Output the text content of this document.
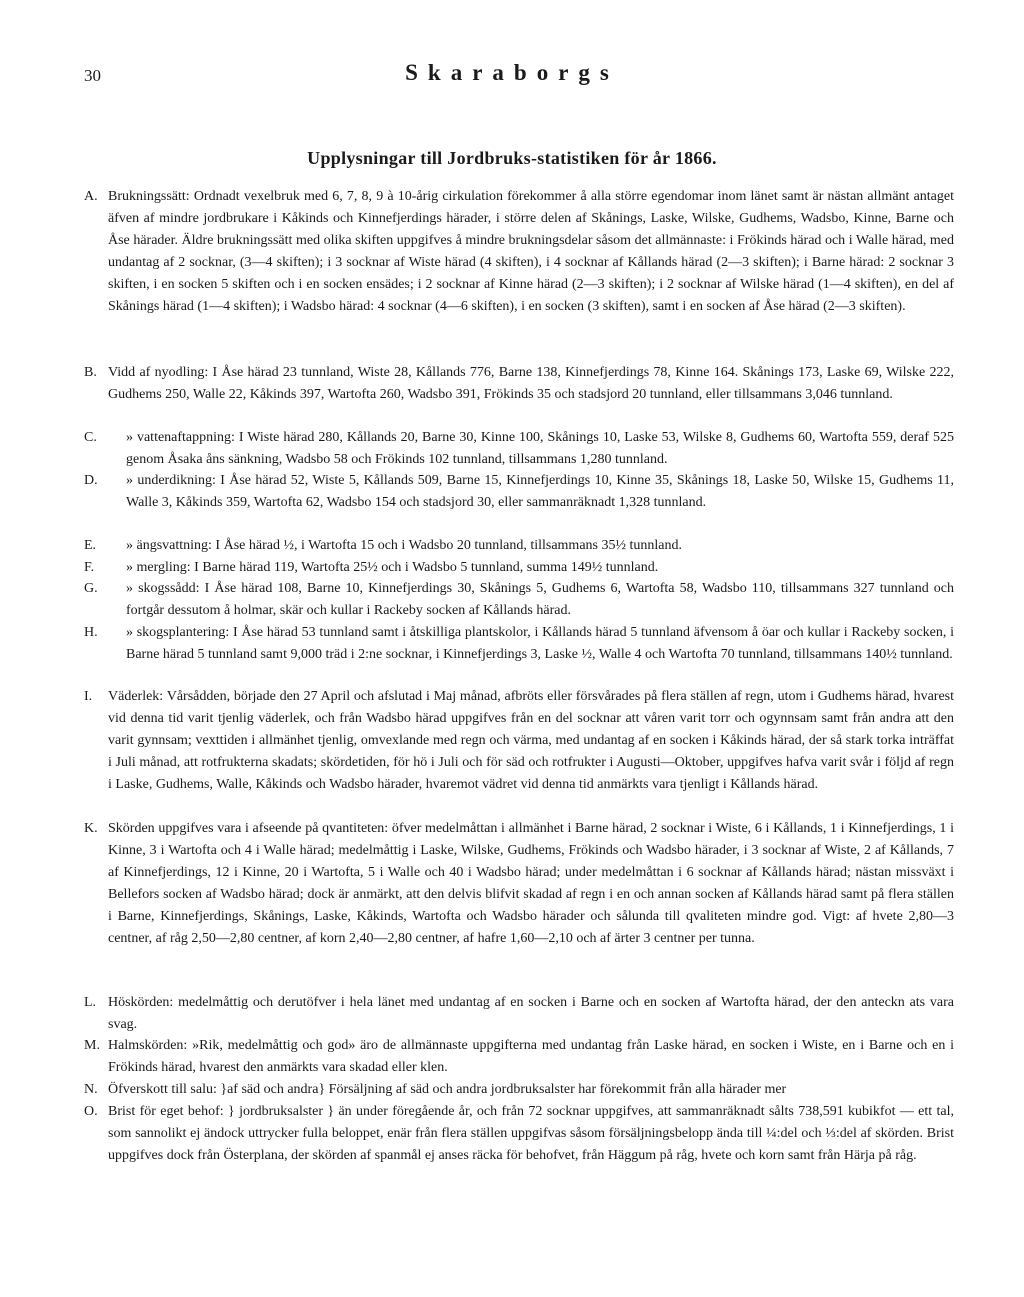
30	Skaraborgs
Upplysningar till Jordbruks-statistiken för år 1866.
A. Brukningssätt: Ordnadt vexelbruk med 6, 7, 8, 9 à 10-årig cirkulation förekommer å alla större egendomar inom länet samt är nästan allmänt antaget äfven af mindre jordbrukare i Kåkinds och Kinnefjerdings härader, i större delen af Skånings, Laske, Wilske, Gudhems, Wadsbo, Kinne, Barne och Åse härader. Äldre brukningssätt med olika skiften uppgifves å mindre brukningsdelar såsom det allmännaste: i Frökinds härad och i Walle härad, med undantag af 2 socknar, (3—4 skiften); i 3 socknar af Wiste härad (4 skiften), i 4 socknar af Kållands härad (2—3 skiften); i Barne härad: 2 socknar 3 skiften, i en socken 5 skiften och i en socken ensädes; i 2 socknar af Kinne härad (2—3 skiften); i 2 socknar af Wilske härad (1—4 skiften), en del af Skånings härad (1—4 skiften); i Wadsbo härad: 4 socknar (4—6 skiften), i en socken (3 skiften), samt i en socken af Åse härad (2—3 skiften).
B. Vidd af nyodling: I Åse härad 23 tunnland, Wiste 28, Kållands 776, Barne 138, Kinnefjerdings 78, Kinne 164. Skånings 173, Laske 69, Wilske 222, Gudhems 250, Walle 22, Kåkinds 397, Wartofta 260, Wadsbo 391, Frökinds 35 och stadsjord 20 tunnland, eller tillsammans 3,046 tunnland.
C. » vattenaftappning: I Wiste härad 280, Kållands 20, Barne 30, Kinne 100, Skånings 10, Laske 53, Wilske 8, Gudhems 60, Wartofta 559, deraf 525 genom Åsaka åns sänkning, Wadsbo 58 och Frökinds 102 tunnland, tillsammans 1,280 tunnland.
D. » underdikning: I Åse härad 52, Wiste 5, Kållands 509, Barne 15, Kinnefjerdings 10, Kinne 35, Skånings 18, Laske 50, Wilske 15, Gudhems 11, Walle 3, Kåkinds 359, Wartofta 62, Wadsbo 154 och stadsjord 30, eller sammanräknadt 1,328 tunnland.
E. » ängsvattning: I Åse härad ½, i Wartofta 15 och i Wadsbo 20 tunnland, tillsammans 35½ tunnland.
F. » mergling: I Barne härad 119, Wartofta 25½ och i Wadsbo 5 tunnland, summa 149½ tunnland.
G. » skogssådd: I Åse härad 108, Barne 10, Kinnefjerdings 30, Skånings 5, Gudhems 6, Wartofta 58, Wadsbo 110, tillsammans 327 tunnland och fortgår dessutom å holmar, skär och kullar i Rackeby socken af Kållands härad.
H. » skogsplantering: I Åse härad 53 tunnland samt i åtskilliga plantskolor, i Kållands härad 5 tunnland äfvensom å öar och kullar i Rackeby socken, i Barne härad 5 tunnland samt 9,000 träd i 2:ne socknar, i Kinnefjerdings 3, Laske ½, Walle 4 och Wartofta 70 tunnland, tillsammans 140½ tunnland.
I. Väderlek: Vårsådden, började den 27 April och afslutad i Maj månad, afbröts eller försvårades på flera ställen af regn, utom i Gudhems härad, hvarest vid denna tid varit tjenlig väderlek, och från Wadsbo härad uppgifves från en del socknar att våren varit torr och ogynnsam samt från andra att den varit gynnsam; vexttiden i allmänhet tjenlig, omvexlande med regn och värma, med undantag af en socken i Kåkinds härad, der så stark torka inträffat i Juli månad, att rotfrukterna skadats; skördetiden, för hö i Juli och för säd och rotfrukter i Augusti—Oktober, uppgifves hafva varit svår i följd af regn i Laske, Gudhems, Walle, Kåkinds och Wadsbo härader, hvaremot vädret vid denna tid anmärkts vara tjenligt i Kållands härad.
K. Skörden uppgifves vara i afseende på qvantiteten: öfver medelmåttan i allmänhet i Barne härad, 2 socknar i Wiste, 6 i Kållands, 1 i Kinnefjerdings, 1 i Kinne, 3 i Wartofta och 4 i Walle härad; medelmåttig i Laske, Wilske, Gudhems, Frökinds och Wadsbo härader, i 3 socknar af Wiste, 2 af Kållands, 7 af Kinnefjerdings, 12 i Kinne, 20 i Wartofta, 5 i Walle och 40 i Wadsbo härad; under medelmåttan i 6 socknar af Kållands härad; nästan missväxt i Bellefors socken af Wadsbo härad; dock är anmärkt, att den delvis blifvit skadad af regn i en och annan socken af Kållands härad samt på flera ställen i Barne, Kinnefjerdings, Skånings, Laske, Kåkinds, Wartofta och Wadsbo härader och sålunda till qvaliteten mindre god. Vigt: af hvete 2,80—3 centner, af råg 2,50—2,80 centner, af korn 2,40—2,80 centner, af hafre 1,60—2,10 och af ärter 3 centner per tunna.
L. Höskörden: medelmåttig och derutöfver i hela länet med undantag af en socken i Barne och en socken af Wartofta härad, der den anteckn ats vara svag.
M. Halmskörden: »Rik, medelmåttig och god» äro de allmännaste uppgifterna med undantag från Laske härad, en socken i Wiste, en i Barne och en i Frökinds härad, hvarest den anmärkts vara skadad eller klen.
N. Öfverskott till salu: }af säd och andra} Försäljning af säd och andra jordbruksalster har förekommit från alla härader mer
O. Brist för eget behof: } jordbruksalster } än under föregående år, och från 72 socknar uppgifves, att sammanräknadt sålts 738,591 kubikfot — ett tal, som sannolikt ej ändock uttrycker fulla beloppet, enär från flera ställen uppgifvas såsom försäljningsbelopp ända till ¼:del och ⅓:del af skörden. Brist uppgifves dock från Österplana, der skörden af spanmål ej anses räcka för behofvet, från Häggum på råg, hvete och korn samt från Härja på råg.
